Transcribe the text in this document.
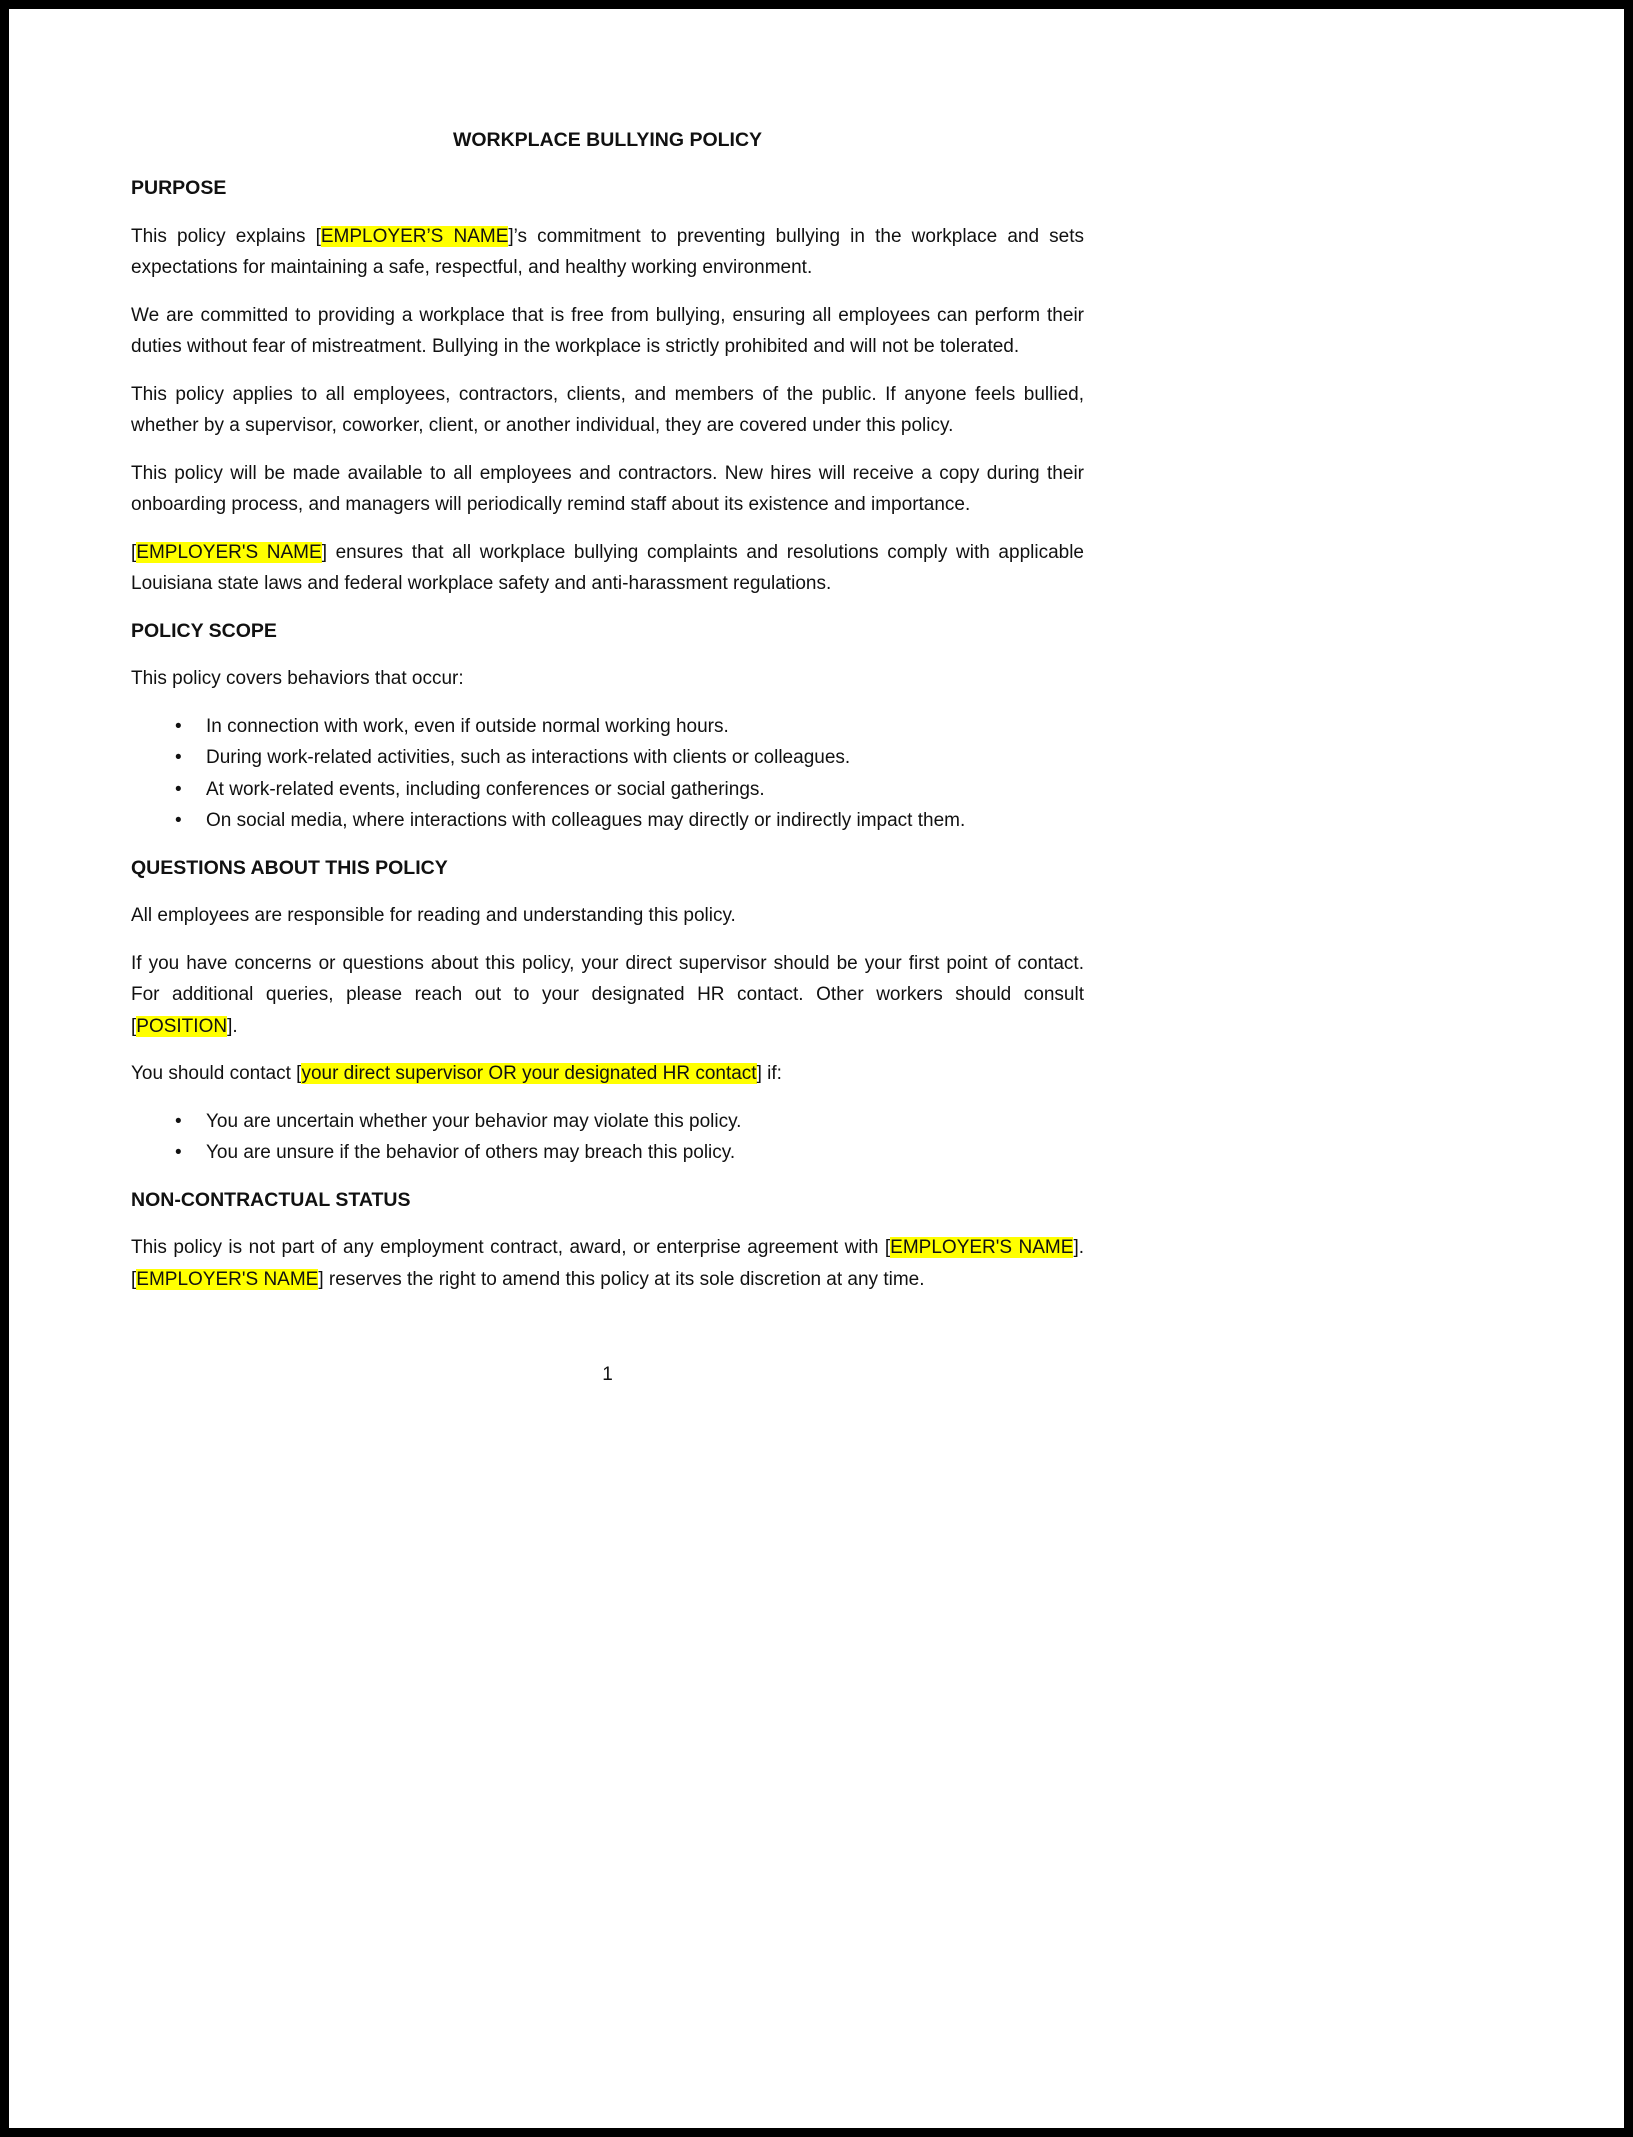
WORKPLACE BULLYING POLICY
PURPOSE

This policy explains [EMPLOYER’S NAME]’s commitment to preventing bullying in the workplace and sets expectations for maintaining a safe, respectful, and healthy working environment.

We are committed to providing a workplace that is free from bullying, ensuring all employees can perform their duties without fear of mistreatment. Bullying in the workplace is strictly prohibited and will not be tolerated.

This policy applies to all employees, contractors, clients, and members of the public. If anyone feels bullied, whether by a supervisor, coworker, client, or another individual, they are covered under this policy.

This policy will be made available to all employees and contractors. New hires will receive a copy during their onboarding process, and managers will periodically remind staff about its existence and importance.

[EMPLOYER'S NAME] ensures that all workplace bullying complaints and resolutions comply with applicable Louisiana state laws and federal workplace safety and anti-harassment regulations.

POLICY SCOPE

This policy covers behaviors that occur:

• In connection with work, even if outside normal working hours.
• During work-related activities, such as interactions with clients or colleagues.
• At work-related events, including conferences or social gatherings.
• On social media, where interactions with colleagues may directly or indirectly impact them.
QUESTIONS ABOUT THIS POLICY

All employees are responsible for reading and understanding this policy.

If you have concerns or questions about this policy, your direct supervisor should be your first point of contact. For additional queries, please reach out to your designated HR contact. Other workers should consult [POSITION].

You should contact [your direct supervisor OR your designated HR contact] if:

• You are uncertain whether your behavior may violate this policy.
• You are unsure if the behavior of others may breach this policy.
NON-CONTRACTUAL STATUS

This policy is not part of any employment contract, award, or enterprise agreement with [EMPLOYER'S NAME]. [EMPLOYER'S NAME] reserves the right to amend this policy at its sole discretion at any time.

1
